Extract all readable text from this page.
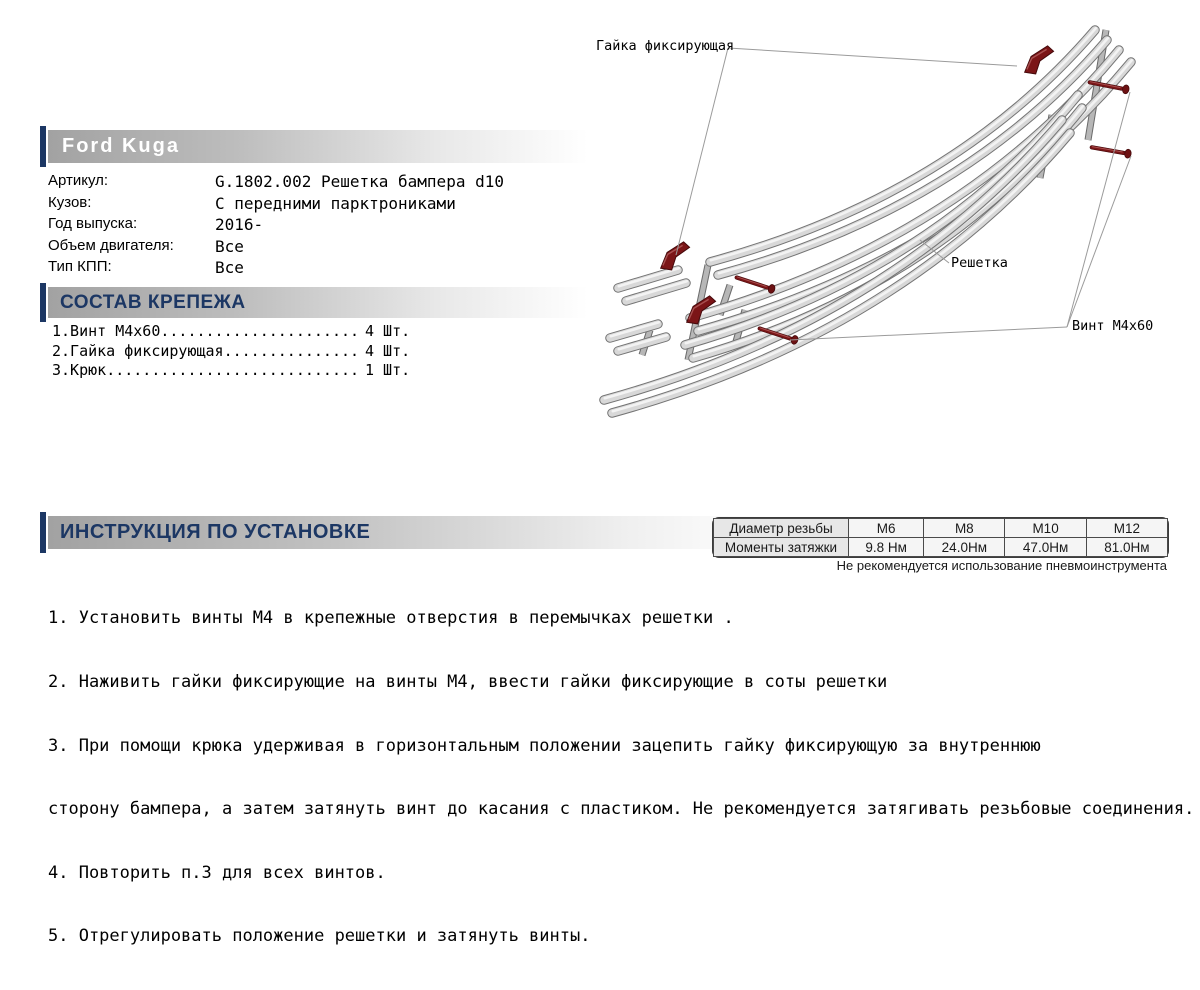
Ford Kuga
Артикул:	G.1802.002 Решетка бампера d10
Кузов:	С передними парктрониками
Год выпуска:	2016-
Объем двигателя:	Все
Тип КПП:	Все
СОСТАВ КРЕПЕЖА
1.Винт M4x60...................... 4 Шт.
2.Гайка фиксирующая............... 4 Шт.
3.Крюк............................ 1 Шт.
ИНСТРУКЦИЯ ПО УСТАНОВКЕ	Диаметр резьбы	М6	М8	М10	М12
Моменты затяжки	9.8 Нм	24.0Нм	47.0Нм	81.0Нм
Не рекомендуется использование пневмоинструмента

1. Установить винты М4 в крепежные отверстия в перемычках решетки .

2. Наживить гайки фиксирующие на винты М4, ввести гайки фиксирующие в соты решетки

3. При помощи крюка удерживая в горизонтальным положении зацепить гайку фиксирующую за внутреннюю

сторону бампера, а затем затянуть винт до касания с пластиком. Не рекомендуется затягивать резьбовые соединения.

4. Повторить п.3 для всех винтов.

5. Отрегулировать положение решетки и затянуть винты.

Гайка фиксирующая
Решетка
Винт М4х60
